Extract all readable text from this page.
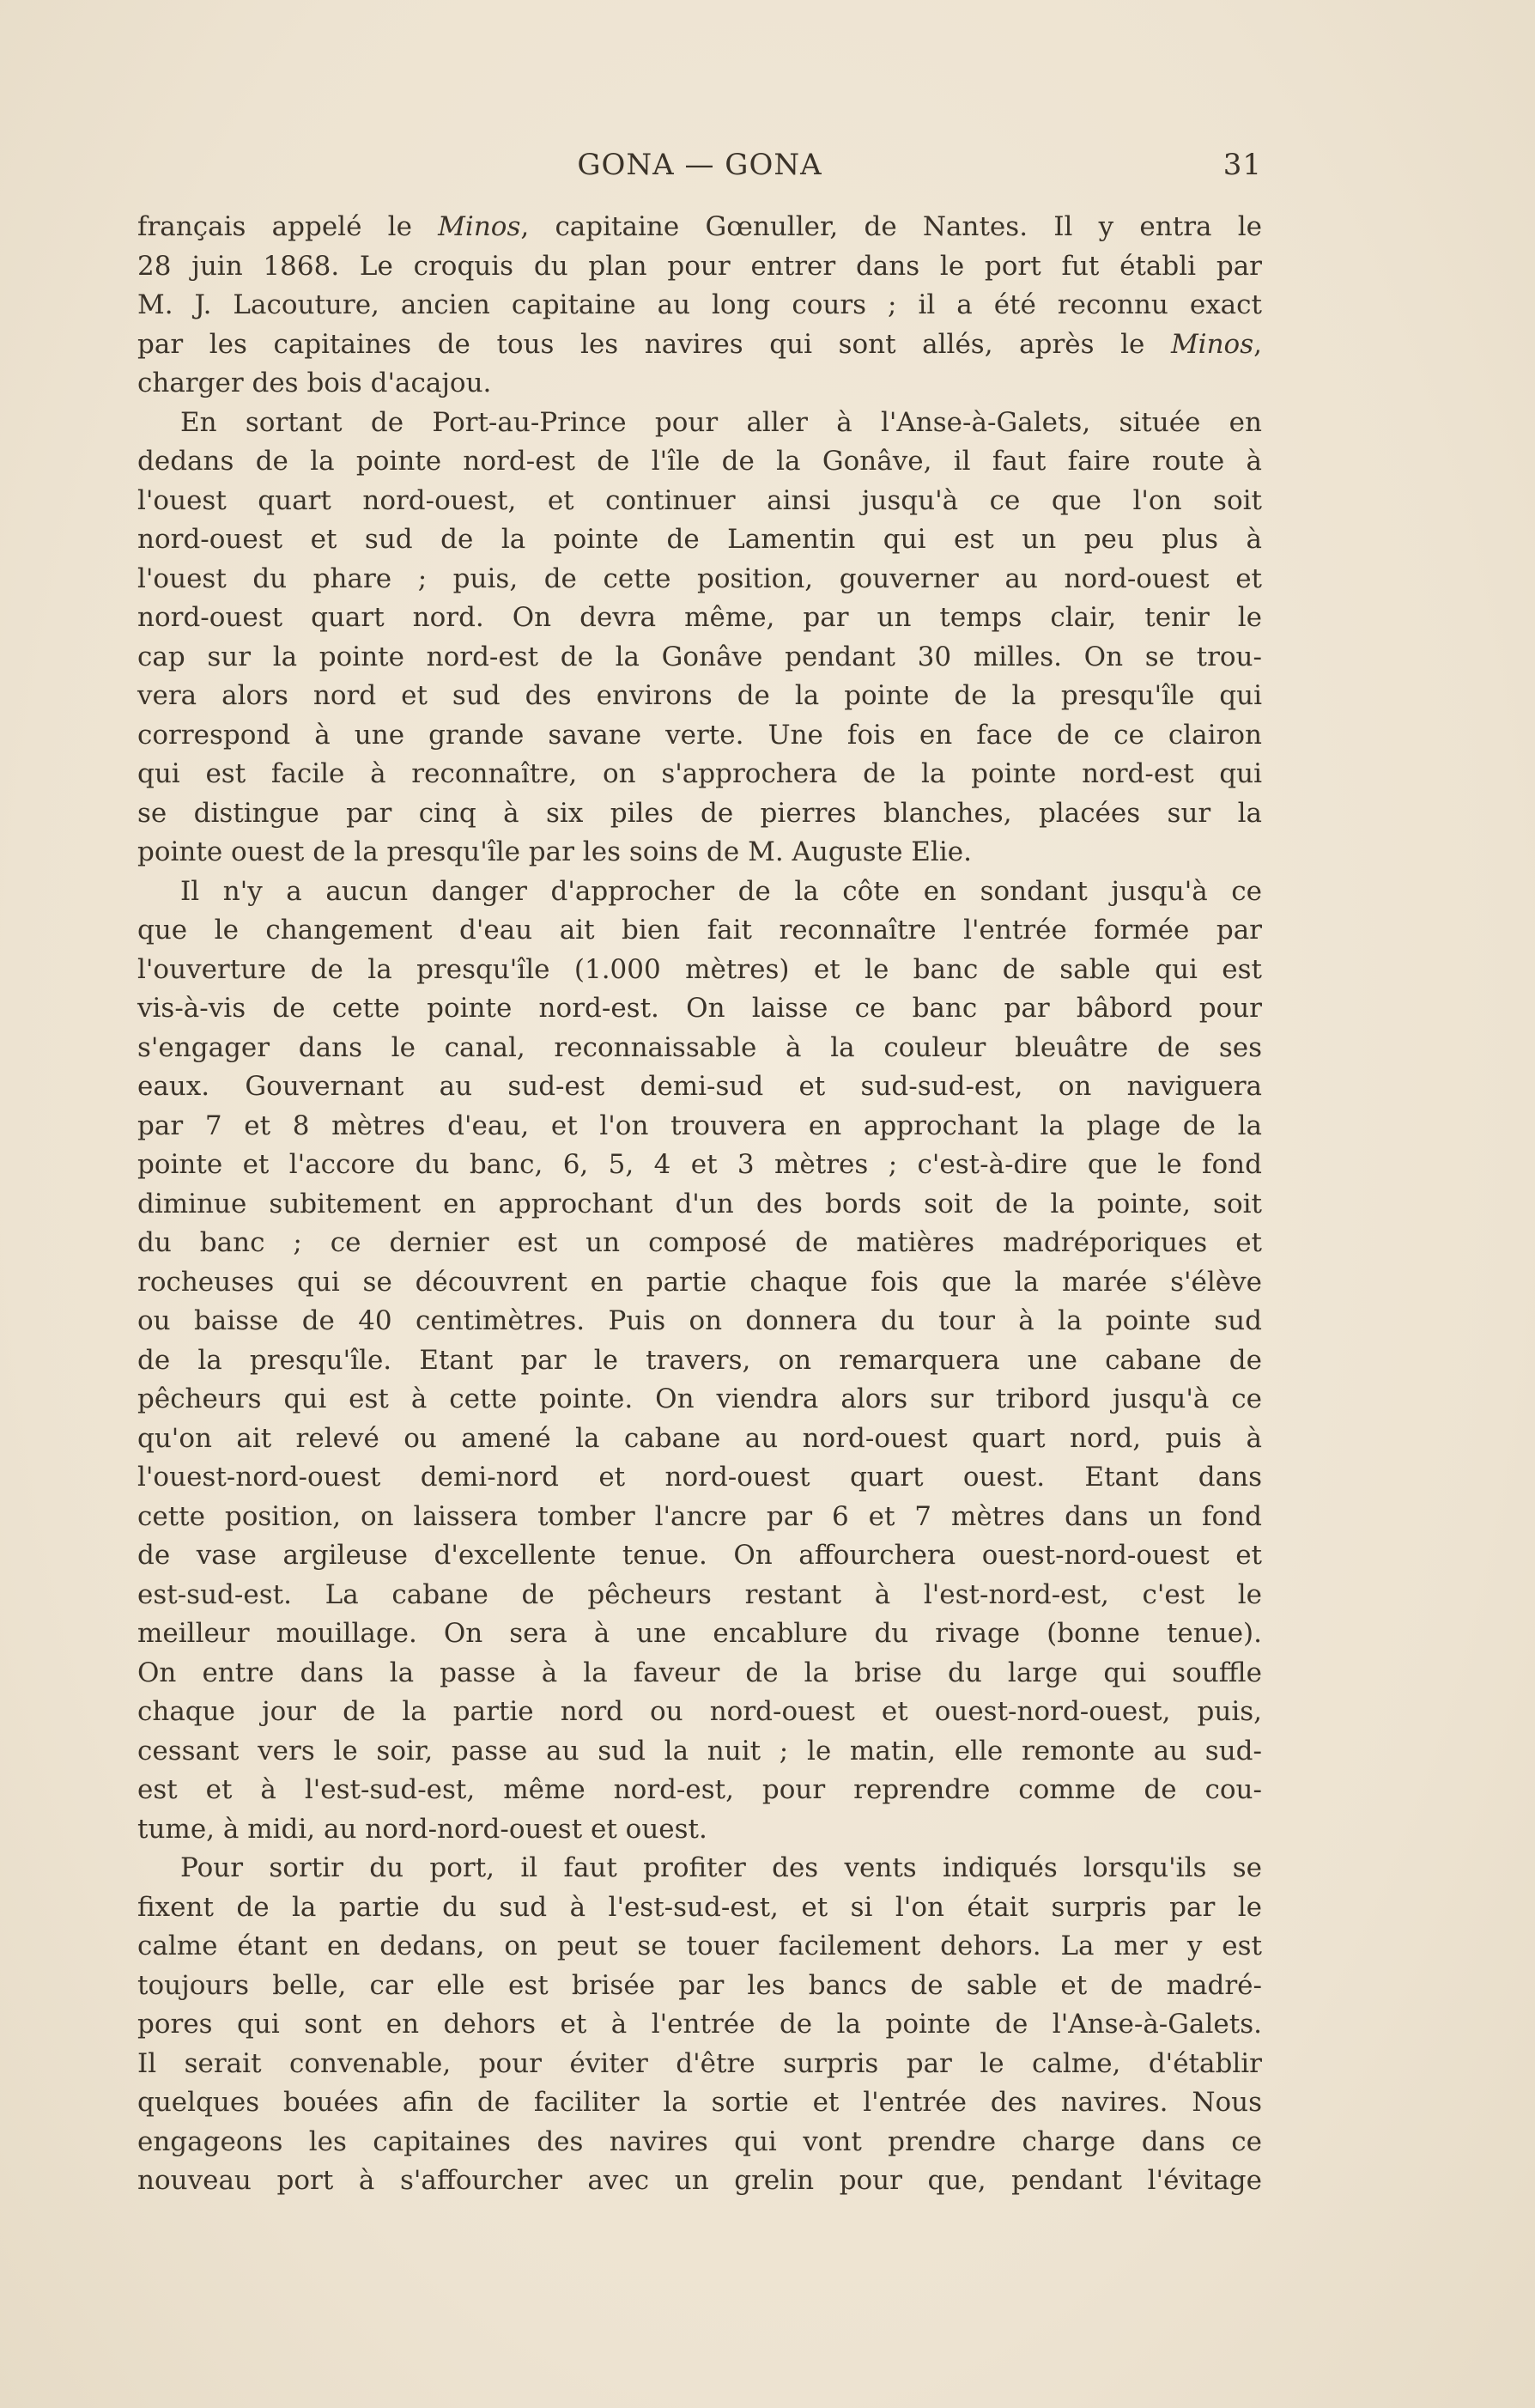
GONA — GONA	31

français appelé le Minos, capitaine Gœnuller, de Nantes. Il y entra le
28 juin 1868. Le croquis du plan pour entrer dans le port fut établi par
M. J. Lacouture, ancien capitaine au long cours ; il a été reconnu exact
par les capitaines de tous les navires qui sont allés, après le Minos,
charger des bois d'acajou.

En sortant de Port-au-Prince pour aller à l'Anse-à-Galets, située en
dedans de la pointe nord-est de l'île de la Gonâve, il faut faire route à
l'ouest quart nord-ouest, et continuer ainsi jusqu'à ce que l'on soit
nord-ouest et sud de la pointe de Lamentin qui est un peu plus à
l'ouest du phare ; puis, de cette position, gouverner au nord-ouest et
nord-ouest quart nord. On devra même, par un temps clair, tenir le
cap sur la pointe nord-est de la Gonâve pendant 30 milles. On se trou-
vera alors nord et sud des environs de la pointe de la presqu'île qui
correspond à une grande savane verte. Une fois en face de ce clairon
qui est facile à reconnaître, on s'approchera de la pointe nord-est qui
se distingue par cinq à six piles de pierres blanches, placées sur la
pointe ouest de la presqu'île par les soins de M. Auguste Elie.

Il n'y a aucun danger d'approcher de la côte en sondant jusqu'à ce
que le changement d'eau ait bien fait reconnaître l'entrée formée par
l'ouverture de la presqu'île (1.000 mètres) et le banc de sable qui est
vis-à-vis de cette pointe nord-est. On laisse ce banc par bâbord pour
s'engager dans le canal, reconnaissable à la couleur bleuâtre de ses
eaux. Gouvernant au sud-est demi-sud et sud-sud-est, on naviguera
par 7 et 8 mètres d'eau, et l'on trouvera en approchant la plage de la
pointe et l'accore du banc, 6, 5, 4 et 3 mètres ; c'est-à-dire que le fond
diminue subitement en approchant d'un des bords soit de la pointe, soit
du banc ; ce dernier est un composé de matières madréporiques et
rocheuses qui se découvrent en partie chaque fois que la marée s'élève
ou baisse de 40 centimètres. Puis on donnera du tour à la pointe sud
de la presqu'île. Etant par le travers, on remarquera une cabane de
pêcheurs qui est à cette pointe. On viendra alors sur tribord jusqu'à ce
qu'on ait relevé ou amené la cabane au nord-ouest quart nord, puis à
l'ouest-nord-ouest demi-nord et nord-ouest quart ouest. Etant dans
cette position, on laissera tomber l'ancre par 6 et 7 mètres dans un fond
de vase argileuse d'excellente tenue. On affourchera ouest-nord-ouest et
est-sud-est. La cabane de pêcheurs restant à l'est-nord-est, c'est le
meilleur mouillage. On sera à une encablure du rivage (bonne tenue).
On entre dans la passe à la faveur de la brise du large qui souffle
chaque jour de la partie nord ou nord-ouest et ouest-nord-ouest, puis,
cessant vers le soir, passe au sud la nuit ; le matin, elle remonte au sud-
est et à l'est-sud-est, même nord-est, pour reprendre comme de cou-
tume, à midi, au nord-nord-ouest et ouest.

Pour sortir du port, il faut profiter des vents indiqués lorsqu'ils se
fixent de la partie du sud à l'est-sud-est, et si l'on était surpris par le
calme étant en dedans, on peut se touer facilement dehors. La mer y est
toujours belle, car elle est brisée par les bancs de sable et de madré-
pores qui sont en dehors et à l'entrée de la pointe de l'Anse-à-Galets.
Il serait convenable, pour éviter d'être surpris par le calme, d'établir
quelques bouées afin de faciliter la sortie et l'entrée des navires. Nous
engageons les capitaines des navires qui vont prendre charge dans ce
nouveau port à s'affourcher avec un grelin pour que, pendant l'évitage
